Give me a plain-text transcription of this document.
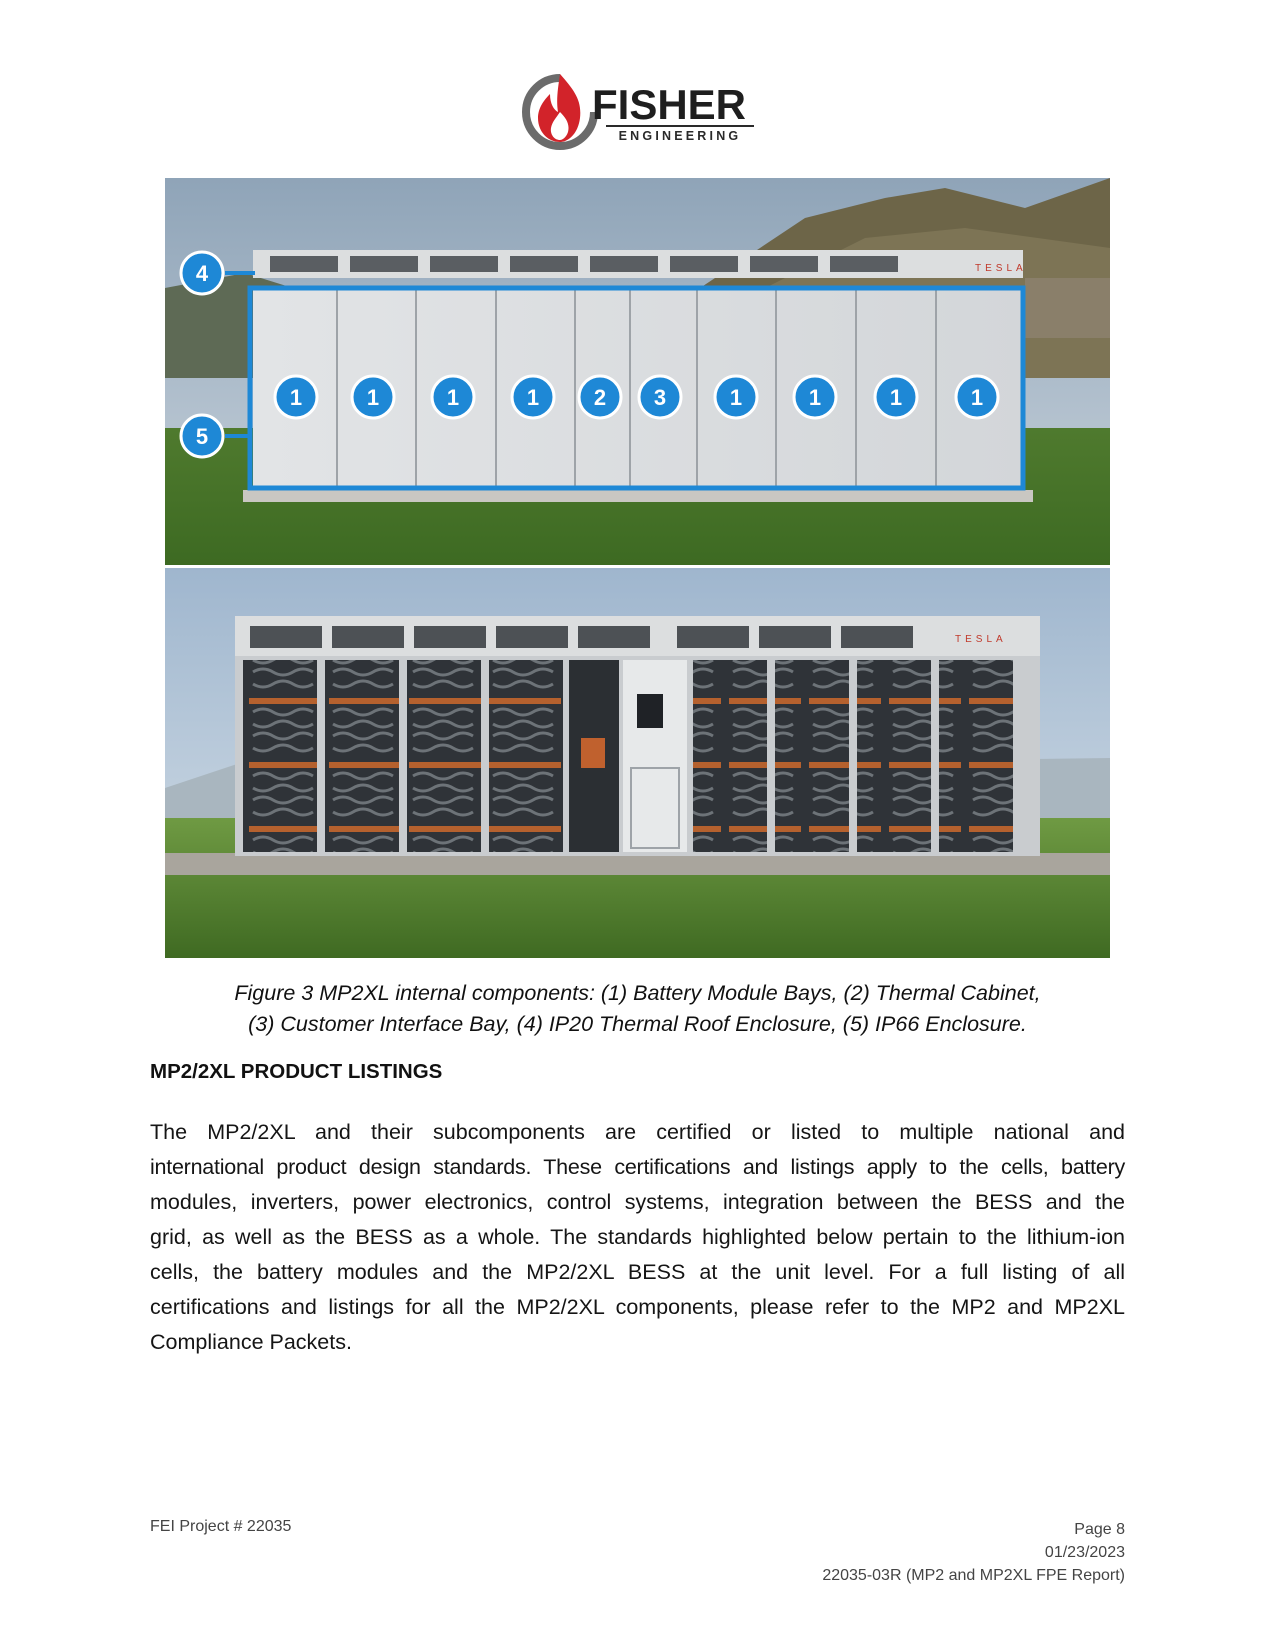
FISHER
ENGINEERING
TESLA
4
5
1	1	1	1 2 3	1	1	1	1
TESLA
Figure 3 MP2XL internal components: (1) Battery Module Bays, (2) Thermal Cabinet,
(3) Customer Interface Bay, (4) IP20 Thermal Roof Enclosure, (5) IP66 Enclosure.
MP2/2XL PRODUCT LISTINGS
The MP2/2XL and their subcomponents are certified or listed to multiple national and
international product design standards. These certifications and listings apply to the cells, battery
modules, inverters, power electronics, control systems, integration between the BESS and the
grid, as well as the BESS as a whole. The standards highlighted below pertain to the lithium-ion
cells, the battery modules and the MP2/2XL BESS at the unit level. For a full listing of all
certifications and listings for all the MP2/2XL components, please refer to the MP2 and MP2XL
Compliance Packets.
FEI Project # 22035	Page 8
01/23/2023
22035-03R (MP2 and MP2XL FPE Report)
